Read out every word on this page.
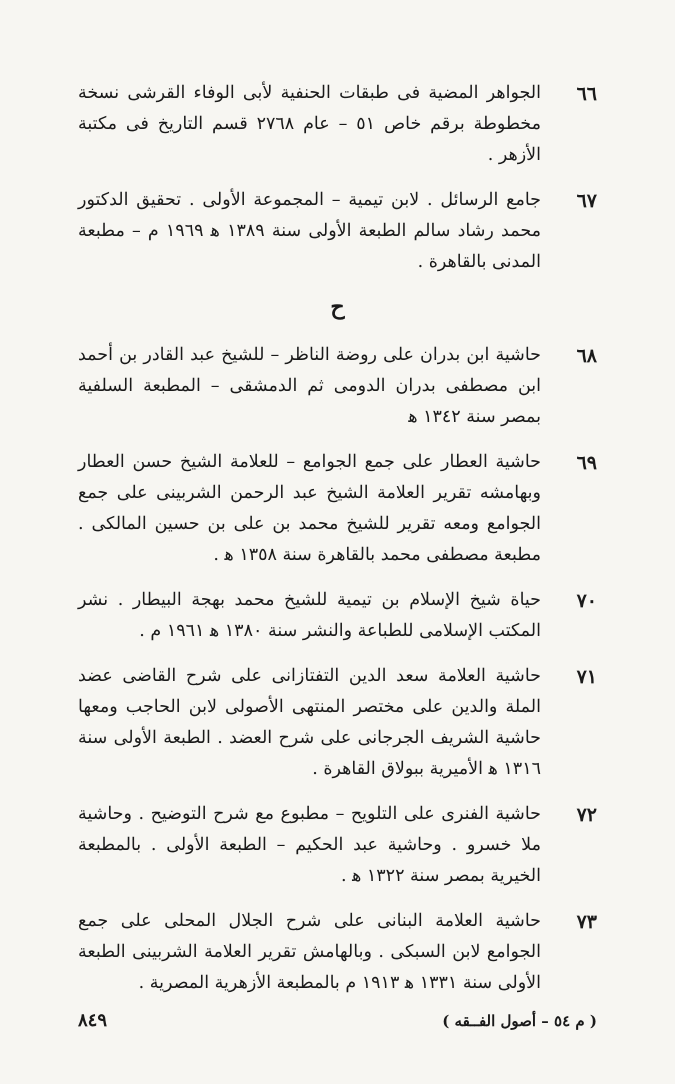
٦٦
الجواهر المضية فى طبقات الحنفية لأبى الوفاء القرشى نسخة مخطوطة برقم خاص ٥١ – عام ٢٧٦٨ قسم التاريخ فى مكتبة الأزهر .
٦٧
جامع الرسائل . لابن تيمية – المجموعة الأولى . تحقيق الدكتور محمد رشاد سالم الطبعة الأولى سنة ١٣٨٩ ﻫ ١٩٦٩ م – مطبعة المدنى بالقاهرة .
ح
٦٨
حاشية ابن بدران على روضة الناظر – للشيخ عبد القادر بن أحمد ابن مصطفى بدران الدومى ثم الدمشقى – المطبعة السلفية بمصر سنة ١٣٤٢ ﻫ
٦٩
حاشية العطار على جمع الجوامع – للعلامة الشيخ حسن العطار وبهامشه تقرير العلامة الشيخ عبد الرحمن الشربينى على جمع الجوامع ومعه تقرير للشيخ محمد بن على بن حسين المالكى . مطبعة مصطفى محمد بالقاهرة سنة ١٣٥٨ ﻫ .
٧٠
حياة شيخ الإسلام بن تيمية للشيخ محمد بهجة البيطار . نشر المكتب الإسلامى للطباعة والنشر سنة ١٣٨٠ ﻫ ١٩٦١ م .
٧١
حاشية العلامة سعد الدين التفتازانى على شرح القاضى عضد الملة والدين على مختصر المنتهى الأصولى لابن الحاجب ومعها حاشية الشريف الجرجانى على شرح العضد . الطبعة الأولى سنة ١٣١٦ ﻫ الأميرية ببولاق القاهرة .
٧٢
حاشية الفنرى على التلويح – مطبوع مع شرح التوضيح . وحاشية ملا خسرو . وحاشية عبد الحكيم – الطبعة الأولى . بالمطبعة الخيرية بمصر سنة ١٣٢٢ ﻫ .
٧٣
حاشية العلامة البنانى على شرح الجلال المحلى على جمع الجوامع لابن السبكى . وبالهامش تقرير العلامة الشربينى الطبعة الأولى سنة ١٣٣١ ﻫ ١٩١٣ م بالمطبعة الأزهرية المصرية .
٨٤٩	( م ٥٤ – أصول الفــقه )
